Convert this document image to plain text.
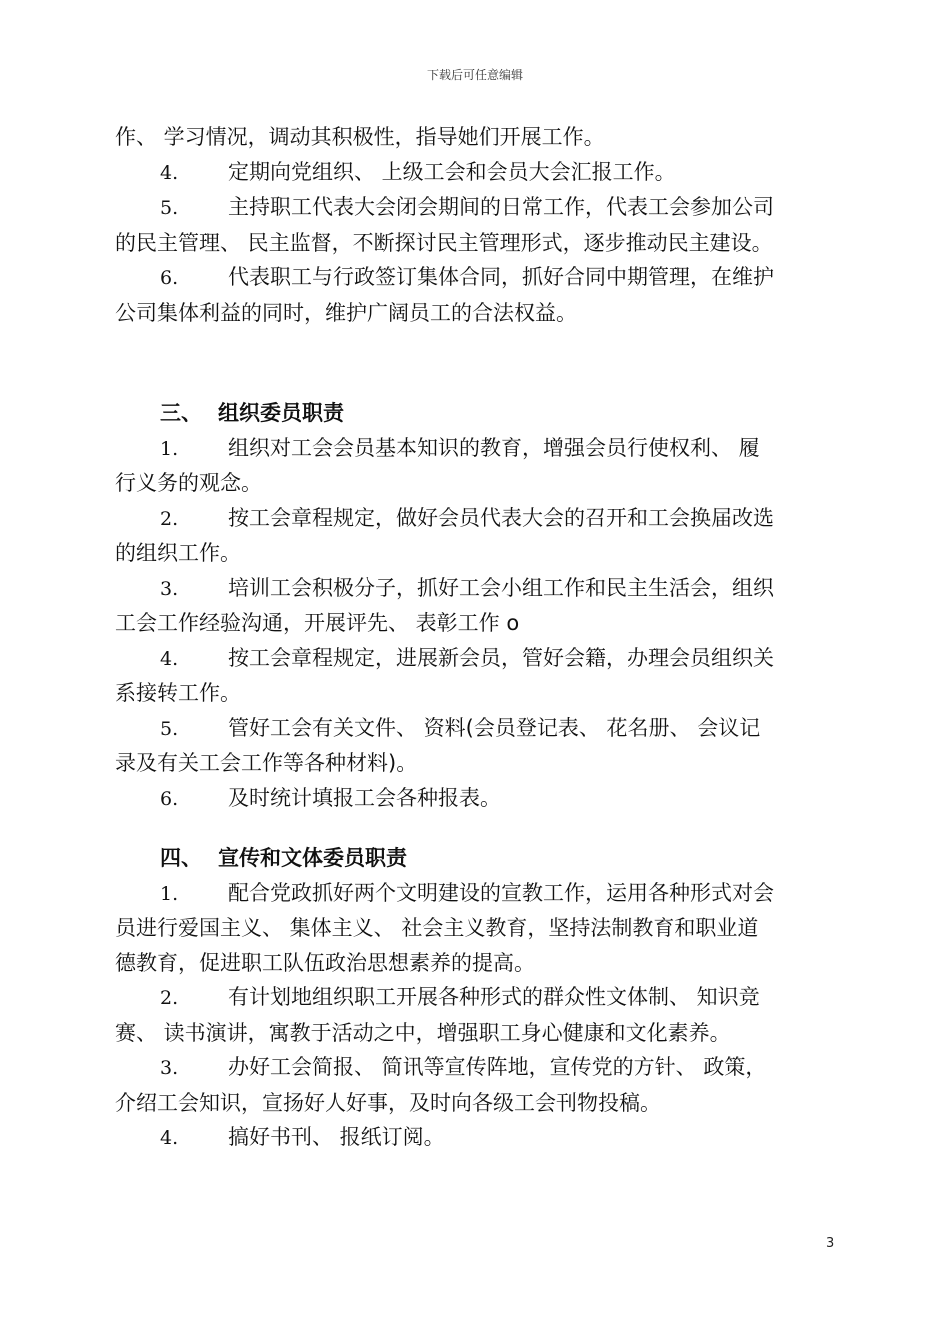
下载后可任意编辑
作、 学习情况，调动其积极性，指导她们开展工作。
4. 定期向党组织、 上级工会和会员大会汇报工作。
5. 主持职工代表大会闭会期间的日常工作，代表工会参加公司
的民主管理、 民主监督，不断探讨民主管理形式，逐步推动民主建设。
6. 代表职工与行政签订集体合同，抓好合同中期管理，在维护
公司集体利益的同时，维护广阔员工的合法权益。
三、 组织委员职责
1. 组织对工会会员基本知识的教育，增强会员行使权利、 履
行义务的观念。
2. 按工会章程规定，做好会员代表大会的召开和工会换届改选
的组织工作。
3. 培训工会积极分子，抓好工会小组工作和民主生活会，组织
工会工作经验沟通，开展评先、 表彰工作 o
4. 按工会章程规定，进展新会员，管好会籍，办理会员组织关
系接转工作。
5. 管好工会有关文件、 资料(会员登记表、 花名册、 会议记
录及有关工会工作等各种材料)。
6. 及时统计填报工会各种报表。
四、 宣传和文体委员职责
1. 配合党政抓好两个文明建设的宣教工作，运用各种形式对会
员进行爱国主义、 集体主义、 社会主义教育，坚持法制教育和职业道
德教育，促进职工队伍政治思想素养的提高。
2. 有计划地组织职工开展各种形式的群众性文体制、 知识竞
赛、 读书演讲，寓教于活动之中，增强职工身心健康和文化素养。
3. 办好工会简报、 简讯等宣传阵地，宣传党的方针、 政策，
介绍工会知识，宣扬好人好事，及时向各级工会刊物投稿。
4. 搞好书刊、 报纸订阅。
3
